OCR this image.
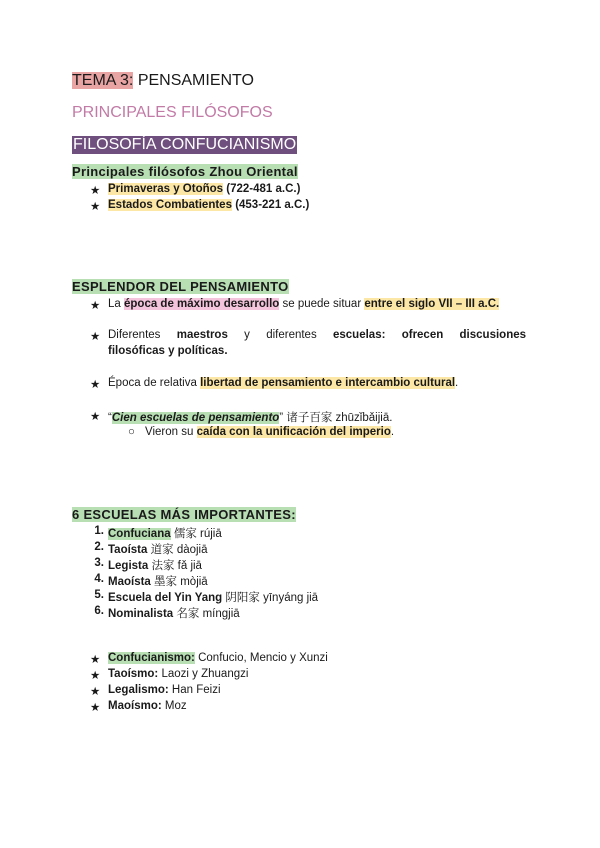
TEMA 3: PENSAMIENTO
PRINCIPALES FILÓSOFOS
FILOSOFÍA CONFUCIANISMO
Principales filósofos Zhou Oriental
★ Primaveras y Otoños (722-481 a.C.)
★ Estados Combatientes (453-221 a.C.)
ESPLENDOR DEL PENSAMIENTO
★ La época de máximo desarrollo se puede situar entre el siglo VII – III a.C.
★ Diferentes maestros y diferentes escuelas: ofrecen discusiones
filosóficas y políticas.
★ Época de relativa libertad de pensamiento e intercambio cultural.
★ “Cien escuelas de pensamiento” 诸子百家 zhūzǐbǎijiā.
○ Vieron su caída con la unificación del imperio.
6 ESCUELAS MÁS IMPORTANTES:
1. Confuciana 儒家 rújiā
2. Taoísta 道家 dàojiā
3. Legista 法家 fǎ jiā
4. Maoísta 墨家 mòjiā
5. Escuela del Yin Yang 阴阳家 yīnyáng jiā
6. Nominalista 名家 míngjiā
★ Confucianismo: Confucio, Mencio y Xunzi
★ Taoísmo: Laozi y Zhuangzi
★ Legalismo: Han Feizi
★ Maoísmo: Moz
